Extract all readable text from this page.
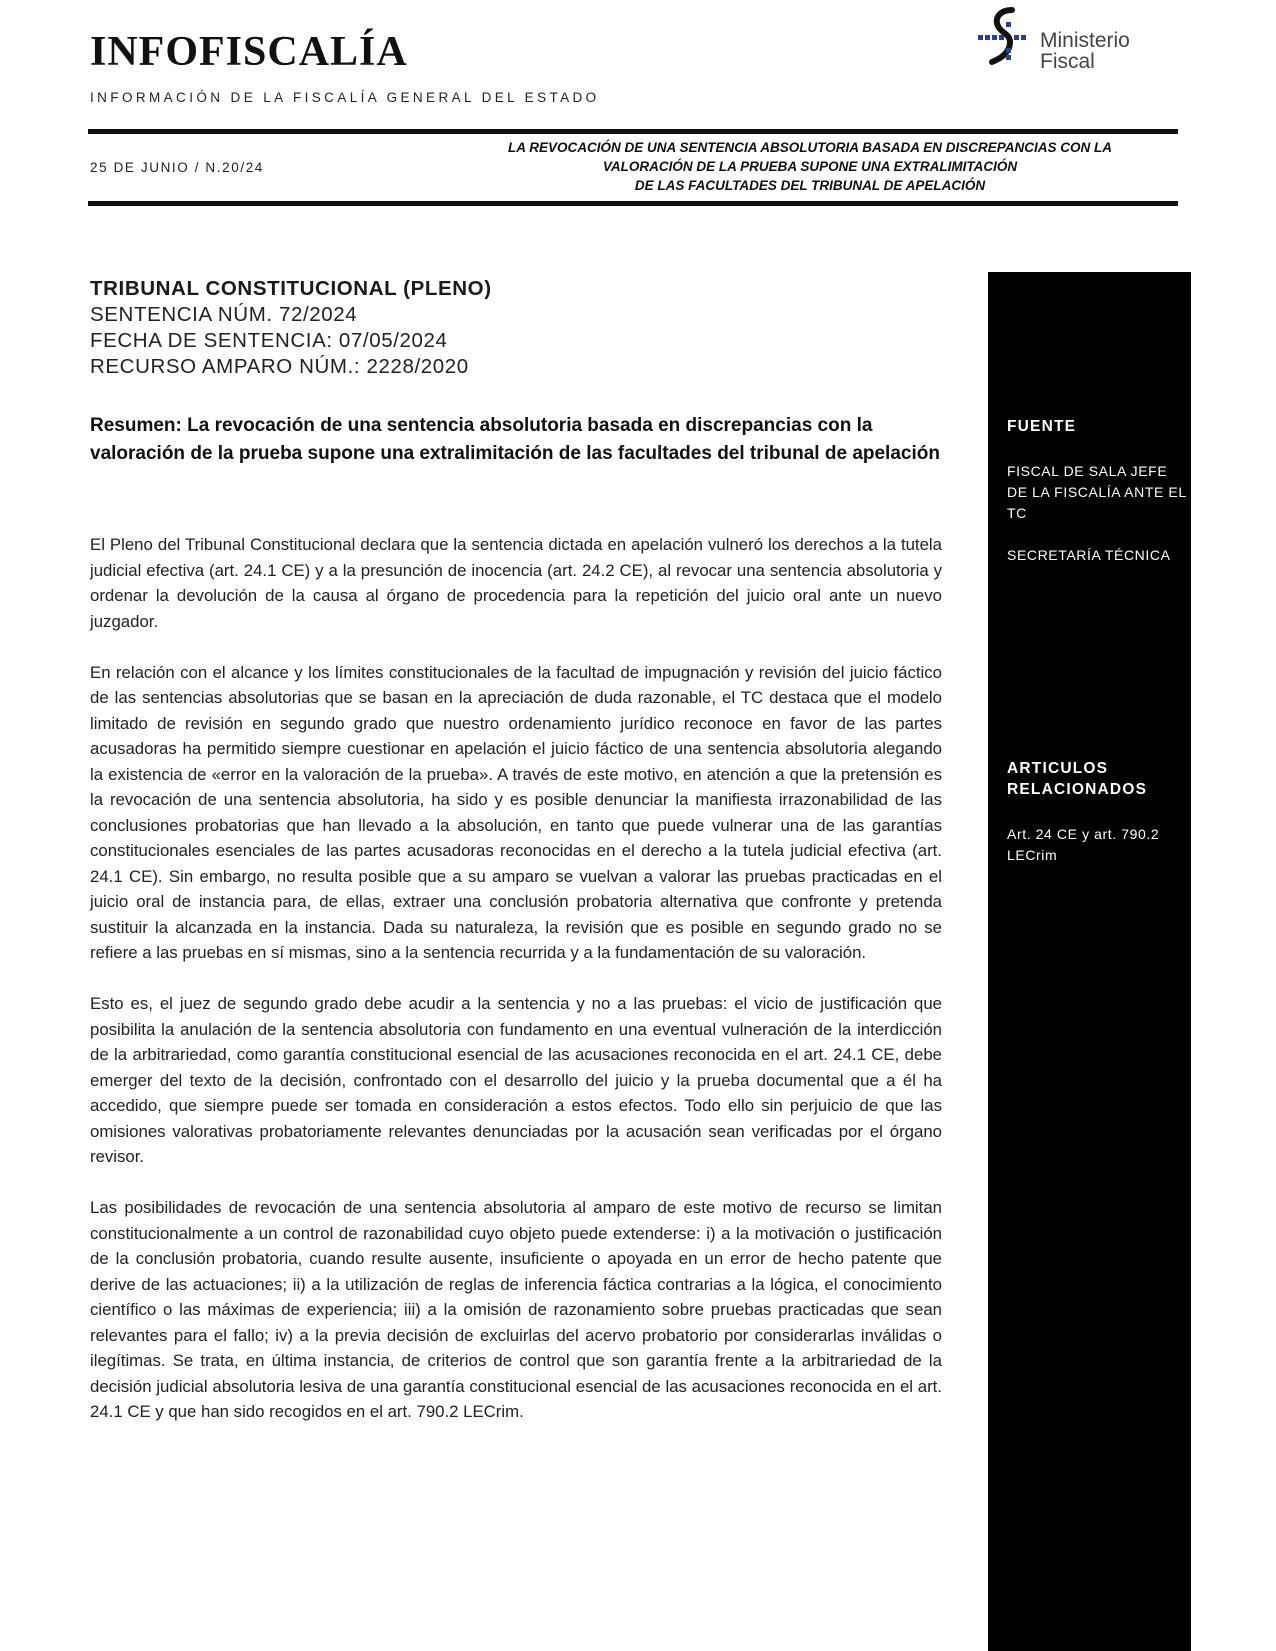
INFOFISCALÍA
INFORMACIÓN DE LA FISCALÍA GENERAL DEL ESTADO
Ministerio
Fiscal
25 DE JUNIO / N.20/24
LA REVOCACIÓN DE UNA SENTENCIA ABSOLUTORIA BASADA EN DISCREPANCIAS CON LA
VALORACIÓN DE LA PRUEBA SUPONE UNA EXTRALIMITACIÓN
DE LAS FACULTADES DEL TRIBUNAL DE APELACIÓN
TRIBUNAL CONSTITUCIONAL (PLENO)
SENTENCIA NÚM. 72/2024
FECHA DE SENTENCIA: 07/05/2024
RECURSO AMPARO NÚM.: 2228/2020
Resumen: La revocación de una sentencia absolutoria basada en discrepancias con la valoración de la prueba supone una extralimitación de las facultades del tribunal de apelación

El Pleno del Tribunal Constitucional declara que la sentencia dictada en apelación vulneró los derechos a la tutela judicial efectiva (art. 24.1 CE) y a la presunción de inocencia (art. 24.2 CE), al revocar una sentencia absolutoria y ordenar la devolución de la causa al órgano de procedencia para la repetición del juicio oral ante un nuevo juzgador.

En relación con el alcance y los límites constitucionales de la facultad de impugnación y revisión del juicio fáctico de las sentencias absolutorias que se basan en la apreciación de duda razonable, el TC destaca que el modelo limitado de revisión en segundo grado que nuestro ordenamiento jurídico reconoce en favor de las partes acusadoras ha permitido siempre cuestionar en apelación el juicio fáctico de una sentencia absolutoria alegando la existencia de «error en la valoración de la prueba». A través de este motivo, en atención a que la pretensión es la revocación de una sentencia absolutoria, ha sido y es posible denunciar la manifiesta irrazonabilidad de las conclusiones probatorias que han llevado a la absolución, en tanto que puede vulnerar una de las garantías constitucionales esenciales de las partes acusadoras reconocidas en el derecho a la tutela judicial efectiva (art. 24.1 CE). Sin embargo, no resulta posible que a su amparo se vuelvan a valorar las pruebas practicadas en el juicio oral de instancia para, de ellas, extraer una conclusión probatoria alternativa que confronte y pretenda sustituir la alcanzada en la instancia. Dada su naturaleza, la revisión que es posible en segundo grado no se refiere a las pruebas en sí mismas, sino a la sentencia recurrida y a la fundamentación de su valoración.

Esto es, el juez de segundo grado debe acudir a la sentencia y no a las pruebas: el vicio de justificación que posibilita la anulación de la sentencia absolutoria con fundamento en una eventual vulneración de la interdicción de la arbitrariedad, como garantía constitucional esencial de las acusaciones reconocida en el art. 24.1 CE, debe emerger del texto de la decisión, confrontado con el desarrollo del juicio y la prueba documental que a él ha accedido, que siempre puede ser tomada en consideración a estos efectos. Todo ello sin perjuicio de que las omisiones valorativas probatoriamente relevantes denunciadas por la acusación sean verificadas por el órgano revisor.

Las posibilidades de revocación de una sentencia absolutoria al amparo de este motivo de recurso se limitan constitucionalmente a un control de razonabilidad cuyo objeto puede extenderse: i) a la motivación o justificación de la conclusión probatoria, cuando resulte ausente, insuficiente o apoyada en un error de hecho patente que derive de las actuaciones; ii) a la utilización de reglas de inferencia fáctica contrarias a la lógica, el conocimiento científico o las máximas de experiencia; iii) a la omisión de razonamiento sobre pruebas practicadas que sean relevantes para el fallo; iv) a la previa decisión de excluirlas del acervo probatorio por considerarlas inválidas o ilegítimas. Se trata, en última instancia, de criterios de control que son garantía frente a la arbitrariedad de la decisión judicial absolutoria lesiva de una garantía constitucional esencial de las acusaciones reconocida en el art. 24.1 CE y que han sido recogidos en el art. 790.2 LECrim.

FUENTE
FISCAL DE SALA JEFE DE LA FISCALÍA ANTE EL TC
SECRETARÍA TÉCNICA
ARTICULOS RELACIONADOS
Art. 24 CE y art. 790.2 LECrim
